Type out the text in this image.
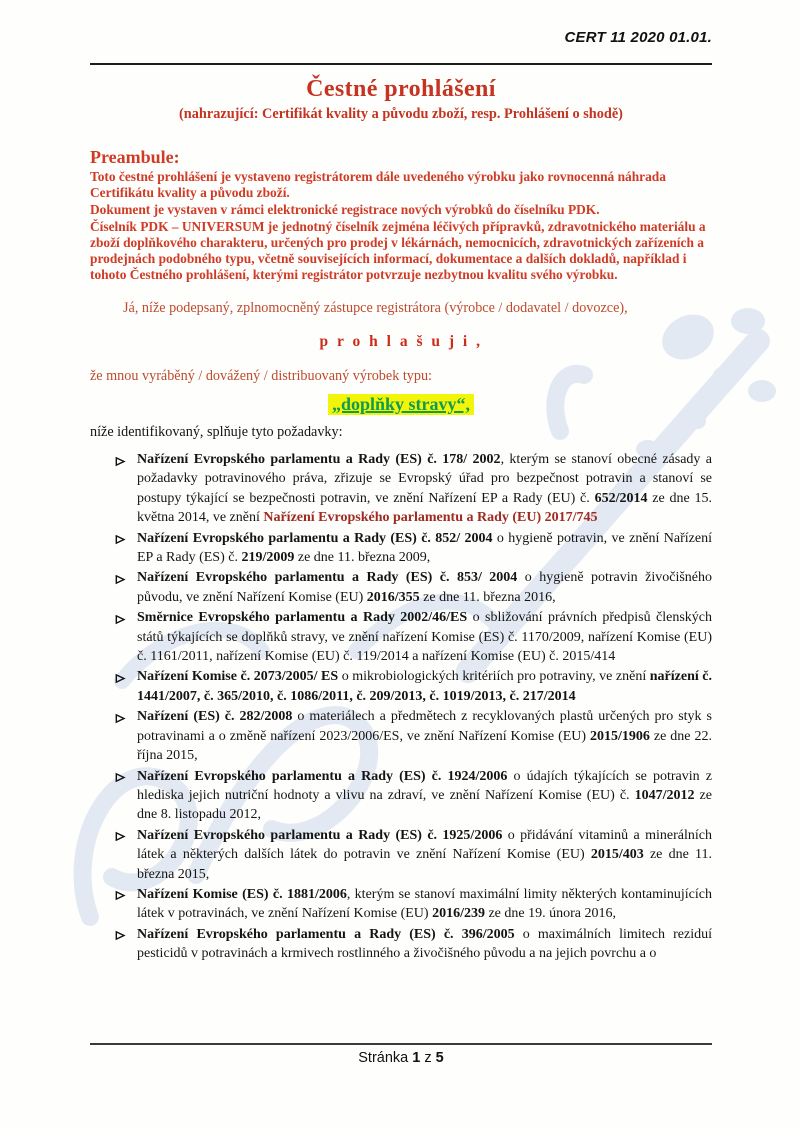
CERT 11 2020 01.01.
Čestné prohlášení
(nahrazující: Certifikát kvality a původu zboží, resp. Prohlášení o shodě)
Preambule:

Toto čestné prohlášení je vystaveno registrátorem dále uvedeného výrobku jako rovnocenná náhrada Certifikátu kvality a původu zboží.

Dokument je vystaven v rámci elektronické registrace nových výrobků do číselníku PDK.

Číselník PDK – UNIVERSUM je jednotný číselník zejména léčivých přípravků, zdravotnického materiálu a zboží doplňkového charakteru, určených pro prodej v lékárnách, nemocnicích, zdravotnických zařízeních a prodejnách podobného typu, včetně souvisejících informací, dokumentace a dalších dokladů, například i tohoto Čestného prohlášení, kterými registrátor potvrzuje nezbytnou kvalitu svého výrobku.

Já, níže podepsaný, zplnomocněný zástupce registrátora (výrobce / dodavatel / dovozce),
p r o h l a š u j i ,
že mnou vyráběný / dovážený / distribuovaný výrobek typu:
„doplňky stravy“,
níže identifikovaný, splňuje tyto požadavky:
Nařízení Evropského parlamentu a Rady (ES) č. 178/ 2002, kterým se stanoví obecné zásady a požadavky potravinového práva, zřizuje se Evropský úřad pro bezpečnost potravin a stanoví se postupy týkající se bezpečnosti potravin, ve znění Nařízení EP a Rady (EU) č. 652/2014 ze dne 15. května 2014, ve znění Nařízení Evropského parlamentu a Rady (EU) 2017/745
Nařízení Evropského parlamentu a Rady (ES) č. 852/ 2004 o hygieně potravin, ve znění Nařízení EP a Rady (ES) č. 219/2009 ze dne 11. března 2009,
Nařízení Evropského parlamentu a Rady (ES) č. 853/ 2004 o hygieně potravin živočišného původu, ve znění Nařízení Komise (EU) 2016/355 ze dne 11. března 2016,
Směrnice Evropského parlamentu a Rady 2002/46/ES o sbližování právních předpisů členských států týkajících se doplňků stravy, ve znění nařízení Komise (ES) č. 1170/2009, nařízení Komise (EU) č. 1161/2011, nařízení Komise (EU) č. 119/2014 a nařízení Komise (EU) č. 2015/414
Nařízení Komise č. 2073/2005/ ES o mikrobiologických kritériích pro potraviny, ve znění nařízení č. 1441/2007, č. 365/2010, č. 1086/2011, č. 209/2013, č. 1019/2013, č. 217/2014
Nařízení (ES) č. 282/2008 o materiálech a předmětech z recyklovaných plastů určených pro styk s potravinami a o změně nařízení 2023/2006/ES, ve znění Nařízení Komise (EU) 2015/1906 ze dne 22. října 2015,
Nařízení Evropského parlamentu a Rady (ES) č. 1924/2006 o údajích týkajících se potravin z hlediska jejich nutriční hodnoty a vlivu na zdraví, ve znění Nařízení Komise (EU) č. 1047/2012 ze dne 8. listopadu 2012,
Nařízení Evropského parlamentu a Rady (ES) č. 1925/2006 o přidávání vitaminů a minerálních látek a některých dalších látek do potravin ve znění Nařízení Komise (EU) 2015/403 ze dne 11. března 2015,
Nařízení Komise (ES) č. 1881/2006, kterým se stanoví maximální limity některých kontaminujících látek v potravinách, ve znění Nařízení Komise (EU) 2016/239 ze dne 19. února 2016,
Nařízení Evropského parlamentu a Rady (ES) č. 396/2005 o maximálních limitech reziduí pesticidů v potravinách a krmivech rostlinného a živočišného původu a na jejich povrchu a o
Stránka 1 z 5
